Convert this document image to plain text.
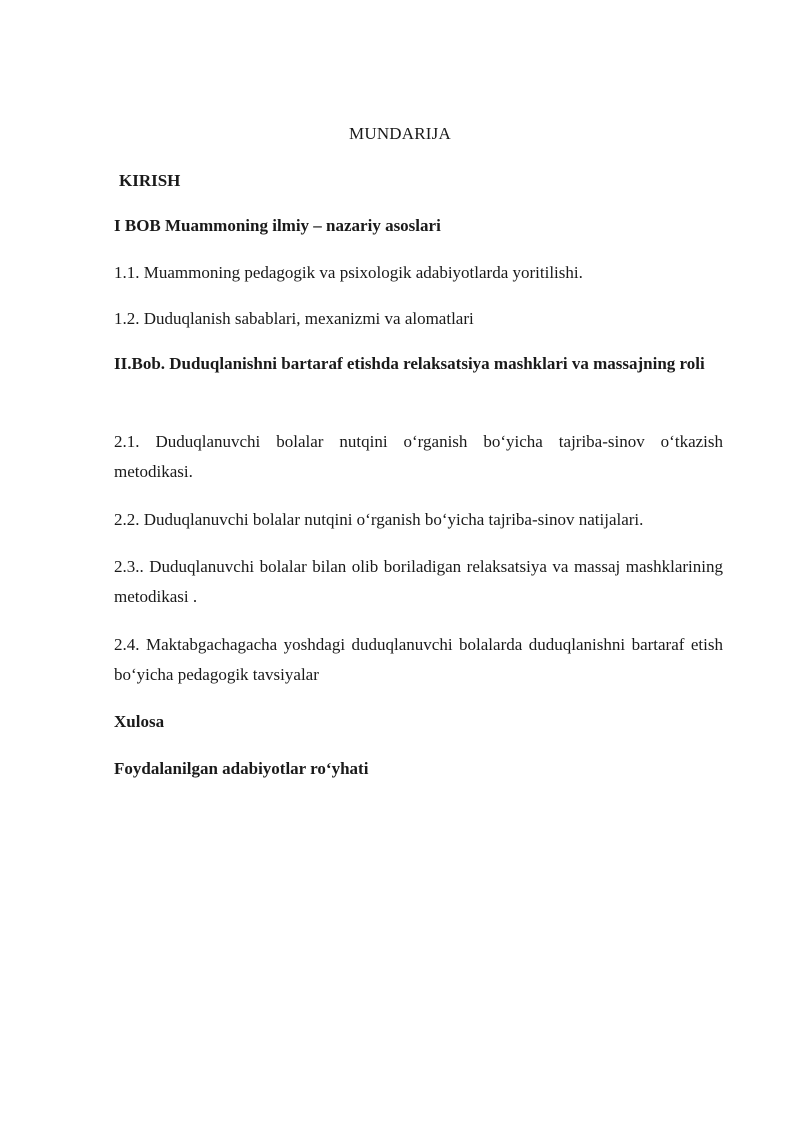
MUNDARIJA
KIRISH
I BOB Muammoning ilmiy – nazariy asoslari
1.1. Muammoning pedagogik va psixologik adabiyotlarda yoritilishi.
1.2. Duduqlanish sabablari, mexanizmi va alomatlari
II.Bob. Duduqlanishni bartaraf etishda relaksatsiya mashklari va massajning roli
2.1. Duduqlanuvchi bolalar nutqini o‘rganish bo‘yicha tajriba-sinov o‘tkazish metodikasi.
2.2. Duduqlanuvchi bolalar nutqini o‘rganish bo‘yicha tajriba-sinov natijalari.
2.3.. Duduqlanuvchi bolalar bilan olib boriladigan relaksatsiya va massaj mashklarining metodikasi .
2.4. Maktabgachagacha yoshdagi duduqlanuvchi bolalarda duduqlanishni bartaraf etish bo‘yicha pedagogik tavsiyalar
Xulosa
Foydalanilgan adabiyotlar ro‘yhati
